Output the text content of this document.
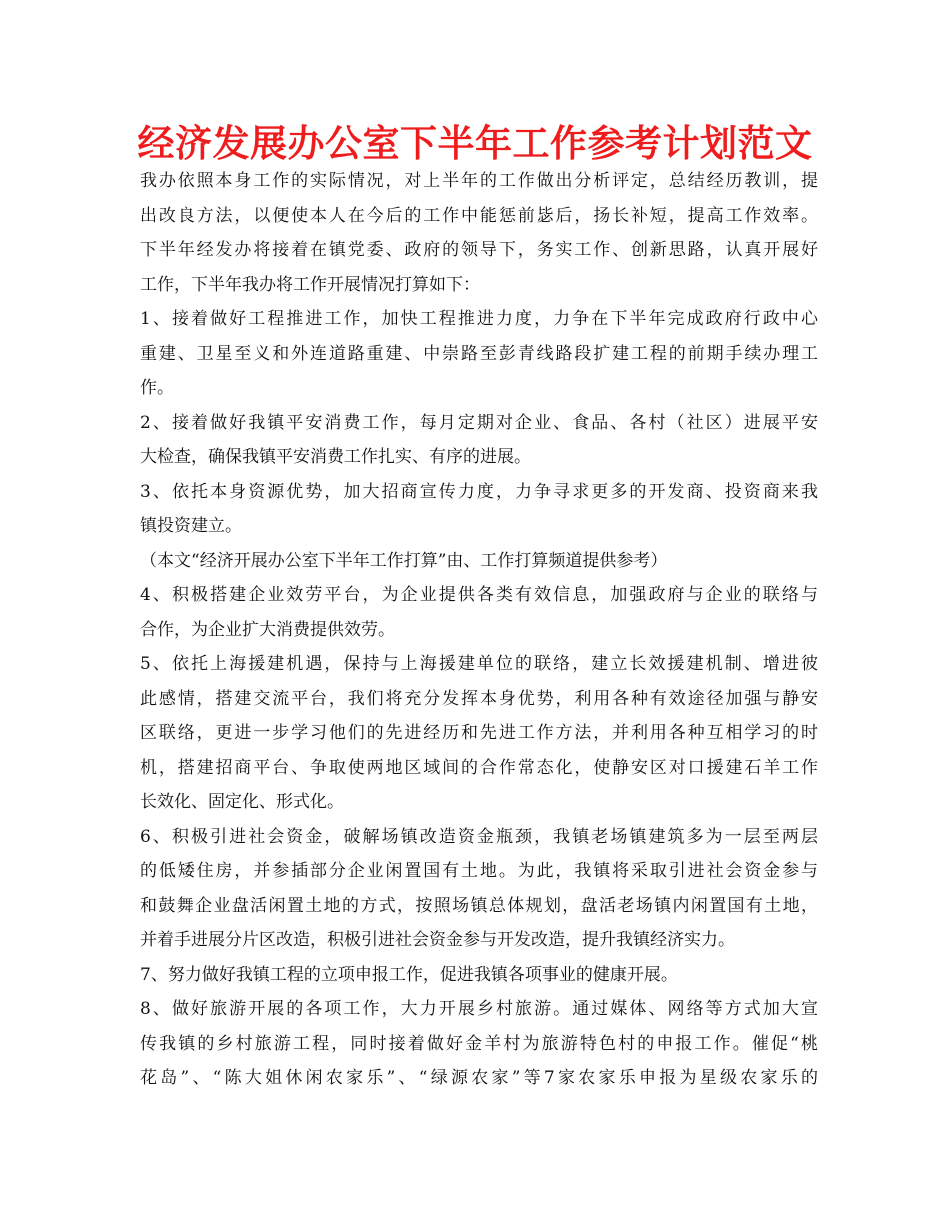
经济发展办公室下半年工作参考计划范文
我办依照本身工作的实际情况，对上半年的工作做出分析评定，总结经历教训，提
出改良方法，以便使本人在今后的工作中能惩前毖后，扬长补短，提高工作效率。
下半年经发办将接着在镇党委、政府的领导下，务实工作、创新思路，认真开展好
工作，下半年我办将工作开展情况打算如下：
1、接着做好工程推进工作，加快工程推进力度，力争在下半年完成政府行政中心
重建、卫星至义和外连道路重建、中崇路至彭青线路段扩建工程的前期手续办理工
作。
2、接着做好我镇平安消费工作，每月定期对企业、食品、各村（社区）进展平安
大检查，确保我镇平安消费工作扎实、有序的进展。
3、依托本身资源优势，加大招商宣传力度，力争寻求更多的开发商、投资商来我
镇投资建立。
（本文“经济开展办公室下半年工作打算”由、工作打算频道提供参考）
4、积极搭建企业效劳平台，为企业提供各类有效信息，加强政府与企业的联络与
合作，为企业扩大消费提供效劳。
5、依托上海援建机遇，保持与上海援建单位的联络，建立长效援建机制、增进彼
此感情，搭建交流平台，我们将充分发挥本身优势，利用各种有效途径加强与静安
区联络，更进一步学习他们的先进经历和先进工作方法，并利用各种互相学习的时
机，搭建招商平台、争取使两地区域间的合作常态化，使静安区对口援建石羊工作
长效化、固定化、形式化。
6、积极引进社会资金，破解场镇改造资金瓶颈，我镇老场镇建筑多为一层至两层
的低矮住房，并参插部分企业闲置国有土地。为此，我镇将采取引进社会资金参与
和鼓舞企业盘活闲置土地的方式，按照场镇总体规划，盘活老场镇内闲置国有土地，
并着手进展分片区改造，积极引进社会资金参与开发改造，提升我镇经济实力。
7、努力做好我镇工程的立项申报工作，促进我镇各项事业的健康开展。
8、做好旅游开展的各项工作，大力开展乡村旅游。通过媒体、网络等方式加大宣
传我镇的乡村旅游工程，同时接着做好金羊村为旅游特色村的申报工作。催促“桃
花岛”、“陈大姐休闲农家乐”、“绿源农家”等7家农家乐申报为星级农家乐的
